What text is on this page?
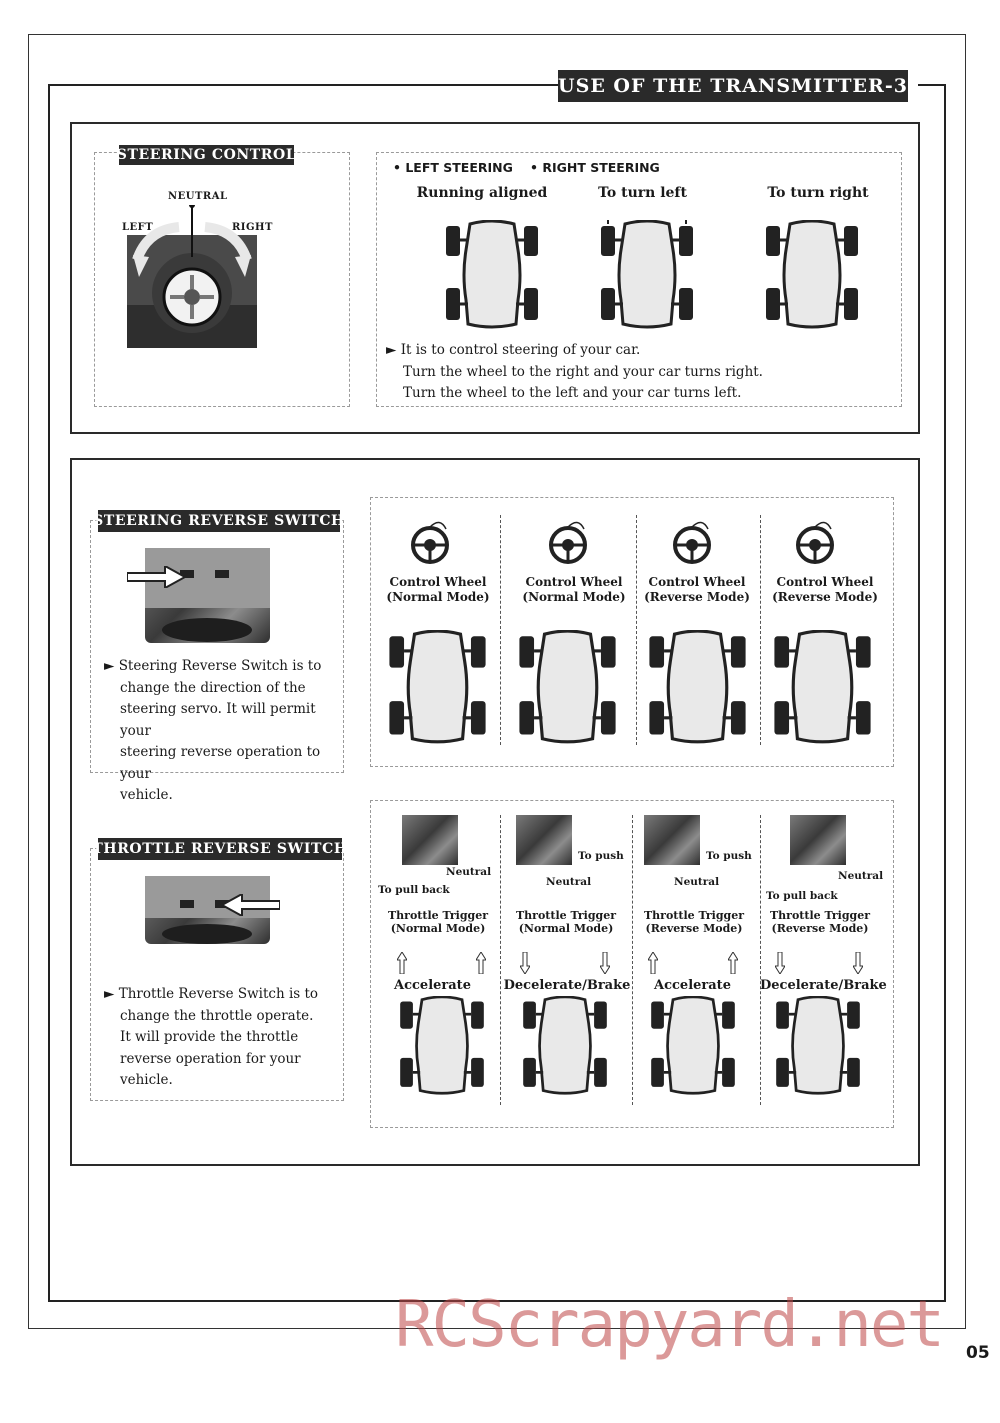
USE OF THE TRANSMITTER-3
STEERING CONTROL
NEUTRAL
LEFT	RIGHT
• LEFT STEERING • RIGHT STEERING
Running aligned	To turn left	To turn right
► It is to control steering of your car.
Turn the wheel to the right and your car turns right.
Turn the wheel to the left and your car turns left.
STEERING REVERSE SWITCH
► Steering Reverse Switch is to
change the direction of the
steering servo. It will permit your
steering reverse operation to your
vehicle.
Control Wheel
(Normal Mode)
Control Wheel
(Normal Mode)
Control Wheel
(Reverse Mode)
Control Wheel
(Reverse Mode)
THROTTLE REVERSE SWITCH
► Throttle Reverse Switch is to
change the throttle operate.
It will provide the throttle
reverse operation for your
vehicle.
Neutral
To pull back
Throttle Trigger
(Normal Mode)
Accelerate
To push
Neutral
Throttle Trigger
(Normal Mode)
Decelerate/Brake
To push
Neutral
Throttle Trigger
(Reverse Mode)
Accelerate
Neutral
To pull back
Throttle Trigger
(Reverse Mode)
Decelerate/Brake
RCScrapyard.net 05
